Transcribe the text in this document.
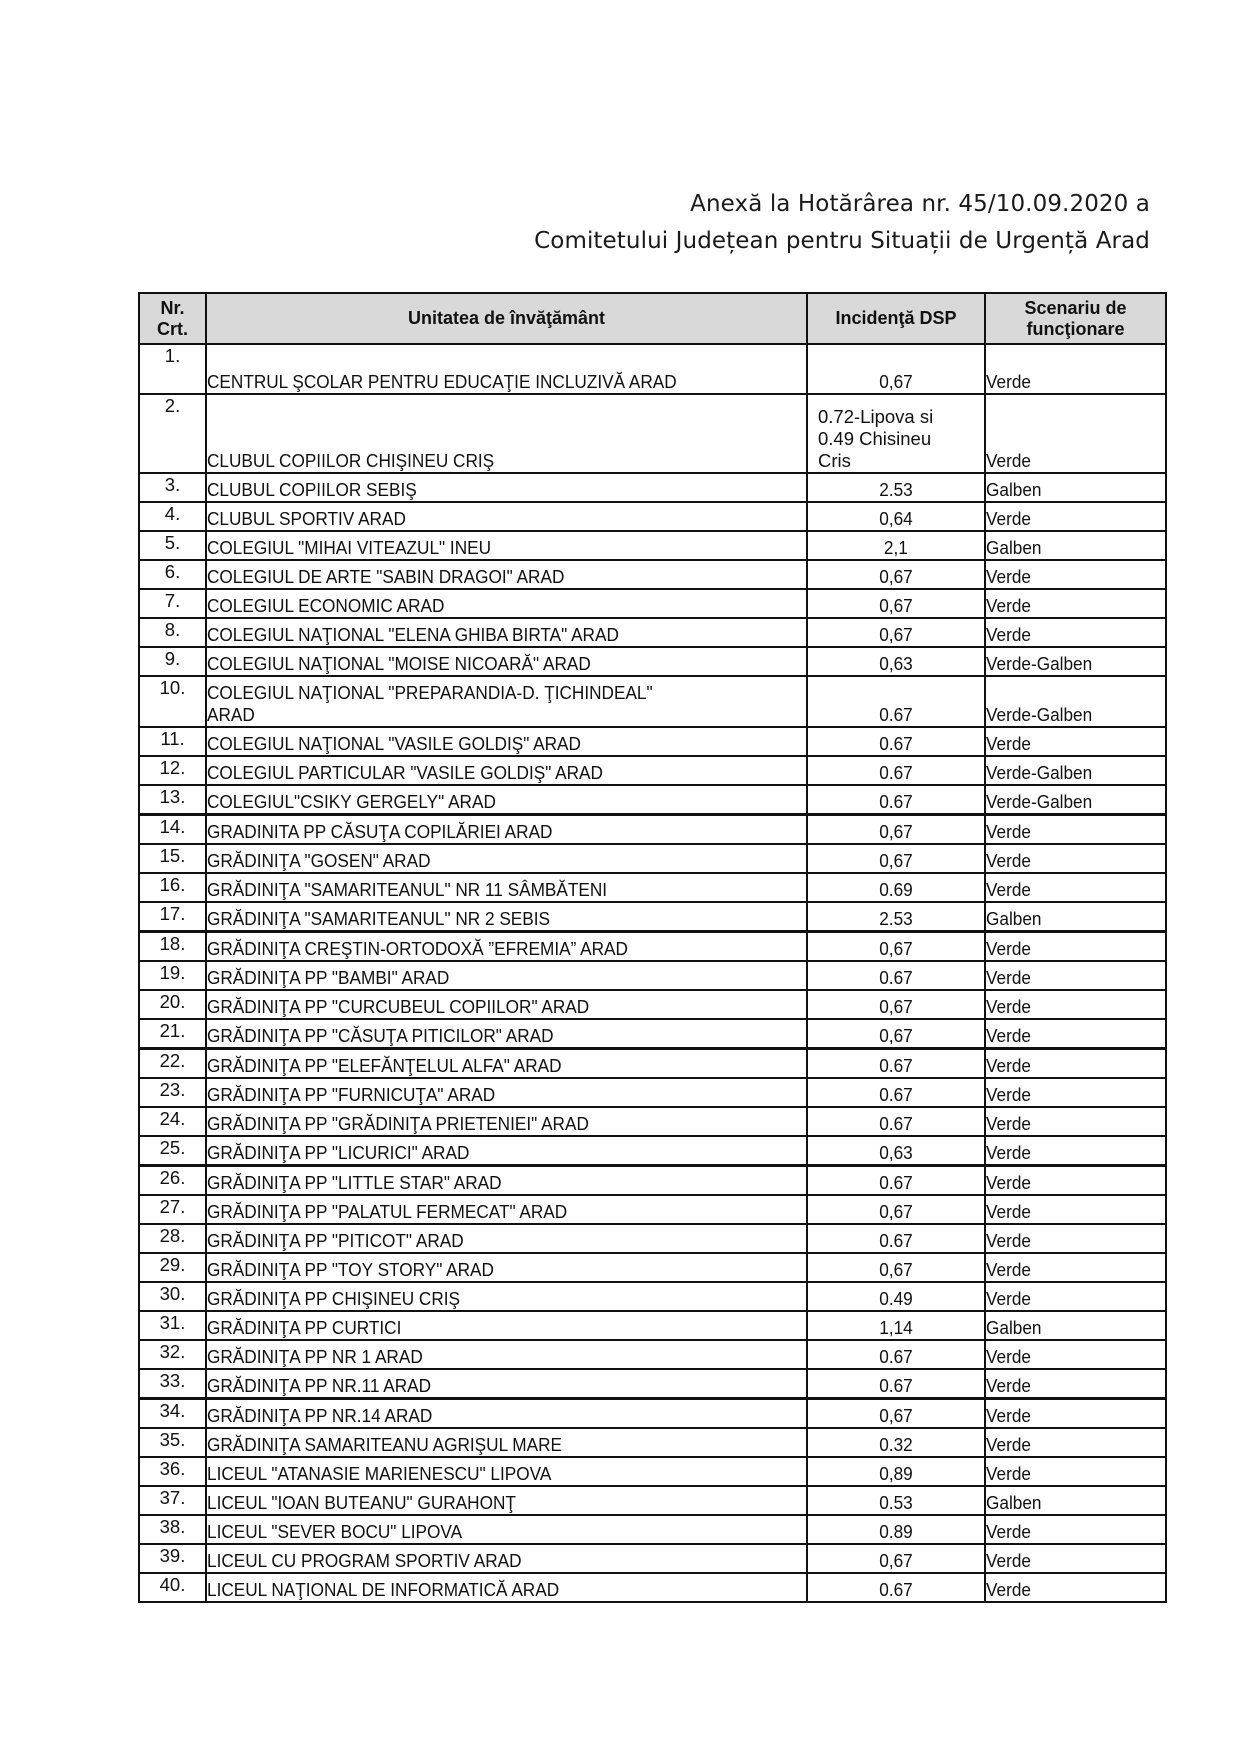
Anexă la Hotărârea nr. 45/10.09.2020 a
Comitetului Județean pentru Situații de Urgență Arad
Nr.
Crt.	Unitatea de învăţământ	Incidenţă DSP	Scenariu de
funcţionare
1.	CENTRUL ŞCOLAR PENTRU EDUCAŢIE INCLUZIVĂ ARAD	0,67	Verde
2.	CLUBUL COPIILOR CHIŞINEU CRIŞ	0.72-Lipova si
0.49 Chisineu
Cris	Verde
3.	CLUBUL COPIILOR SEBIŞ	2.53	Galben
4.	CLUBUL SPORTIV ARAD	0,64	Verde
5.	COLEGIUL "MIHAI VITEAZUL" INEU	2,1	Galben
6.	COLEGIUL DE ARTE "SABIN DRAGOI" ARAD	0,67	Verde
7.	COLEGIUL ECONOMIC ARAD	0,67	Verde
8.	COLEGIUL NAŢIONAL "ELENA GHIBA BIRTA" ARAD	0,67	Verde
9.	COLEGIUL NAŢIONAL "MOISE NICOARĂ" ARAD	0,63	Verde-Galben
10.	COLEGIUL NAŢIONAL "PREPARANDIA-D. ŢICHINDEAL"
ARAD	0.67	Verde-Galben
11.	COLEGIUL NAŢIONAL "VASILE GOLDIŞ" ARAD	0.67	Verde
12.	COLEGIUL PARTICULAR "VASILE GOLDIŞ" ARAD	0.67	Verde-Galben
13.	COLEGIUL"CSIKY GERGELY" ARAD	0.67	Verde-Galben
14.	GRADINITA PP CĂSUŢA COPILĂRIEI ARAD	0,67	Verde
15.	GRĂDINIŢA "GOSEN" ARAD	0,67	Verde
16.	GRĂDINIŢA "SAMARITEANUL" NR 11 SÂMBĂTENI	0.69	Verde
17.	GRĂDINIŢA "SAMARITEANUL" NR 2 SEBIS	2.53	Galben
18.	GRĂDINIŢA CREŞTIN-ORTODOXĂ ”EFREMIA” ARAD	0,67	Verde
19.	GRĂDINIŢA PP "BAMBI" ARAD	0.67	Verde
20.	GRĂDINIŢA PP "CURCUBEUL COPIILOR" ARAD	0,67	Verde
21.	GRĂDINIŢA PP "CĂSUŢA PITICILOR" ARAD	0,67	Verde
22.	GRĂDINIŢA PP "ELEFĂNŢELUL ALFA" ARAD	0.67	Verde
23.	GRĂDINIŢA PP "FURNICUŢA" ARAD	0.67	Verde
24.	GRĂDINIŢA PP "GRĂDINIŢA PRIETENIEI" ARAD	0.67	Verde
25.	GRĂDINIŢA PP "LICURICI" ARAD	0,63	Verde
26.	GRĂDINIŢA PP "LITTLE STAR" ARAD	0.67	Verde
27.	GRĂDINIŢA PP "PALATUL FERMECAT" ARAD	0,67	Verde
28.	GRĂDINIŢA PP "PITICOT" ARAD	0.67	Verde
29.	GRĂDINIŢA PP "TOY STORY" ARAD	0,67	Verde
30.	GRĂDINIŢA PP CHIŞINEU CRIŞ	0.49	Verde
31.	GRĂDINIŢA PP CURTICI	1,14	Galben
32.	GRĂDINIŢA PP NR 1 ARAD	0.67	Verde
33.	GRĂDINIŢA PP NR.11 ARAD	0.67	Verde
34.	GRĂDINIŢA PP NR.14 ARAD	0,67	Verde
35.	GRĂDINIŢA SAMARITEANU AGRIŞUL MARE	0.32	Verde
36.	LICEUL "ATANASIE MARIENESCU" LIPOVA	0,89	Verde
37.	LICEUL "IOAN BUTEANU" GURAHONŢ	0.53	Galben
38.	LICEUL "SEVER BOCU" LIPOVA	0.89	Verde
39.	LICEUL CU PROGRAM SPORTIV ARAD	0,67	Verde
40.	LICEUL NAŢIONAL DE INFORMATICĂ ARAD	0.67	Verde
